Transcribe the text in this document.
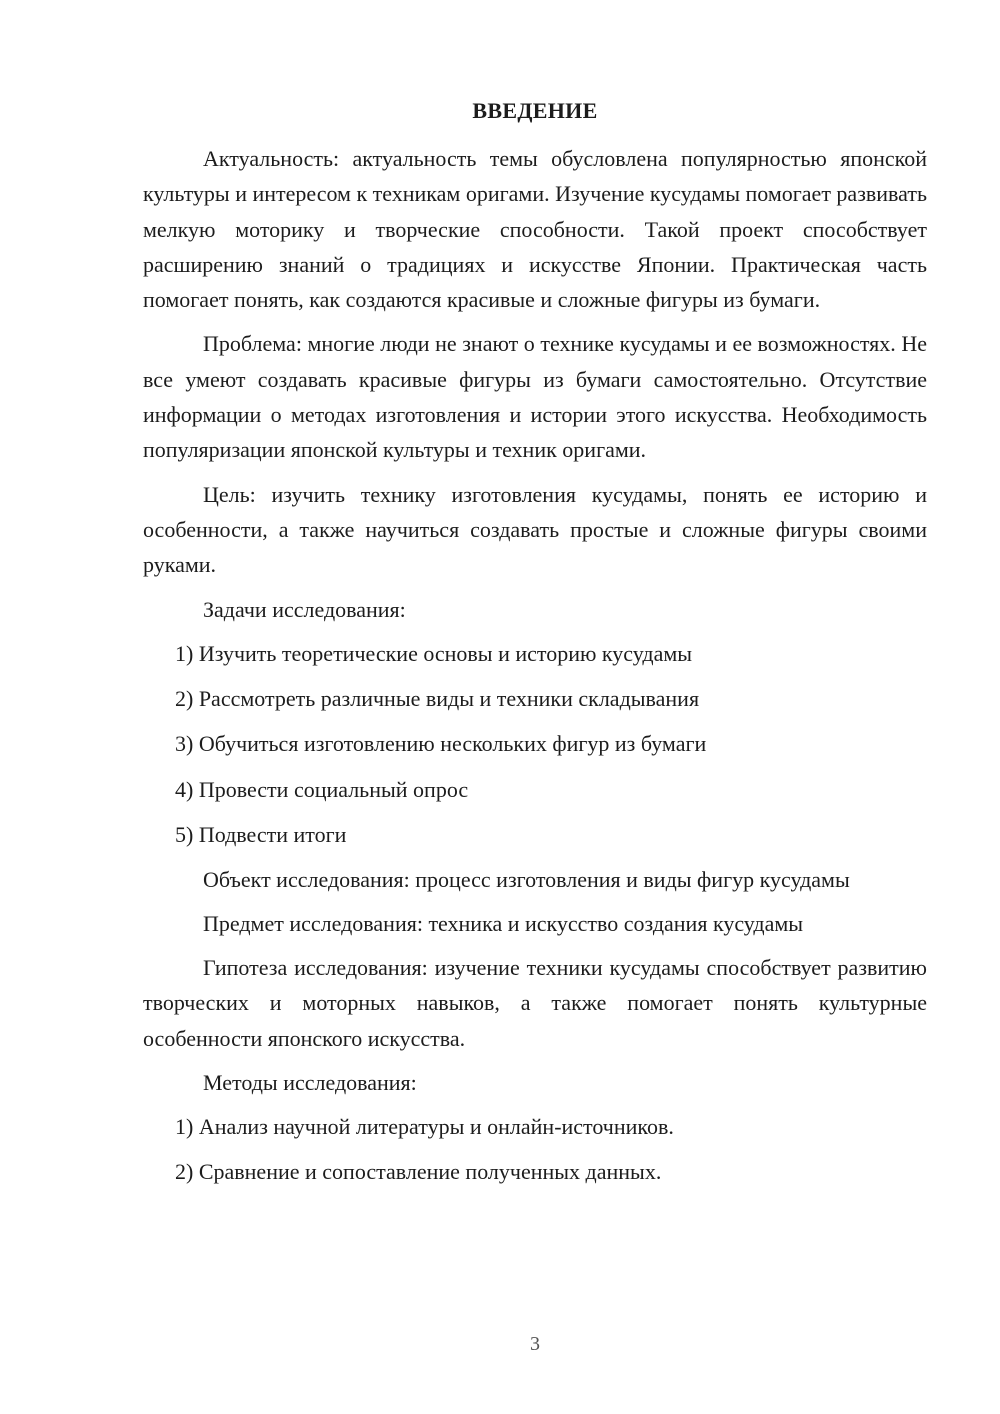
ВВЕДЕНИЕ

Актуальность: актуальность темы обусловлена популярностью японской культуры и интересом к техникам оригами. Изучение кусудамы помогает развивать мелкую моторику и творческие способности. Такой проект способствует расширению знаний о традициях и искусстве Японии. Практическая часть помогает понять, как создаются красивые и сложные фигуры из бумаги.

Проблема: многие люди не знают о технике кусудамы и ее возможностях. Не все умеют создавать красивые фигуры из бумаги самостоятельно. Отсутствие информации о методах изготовления и истории этого искусства. Необходимость популяризации японской культуры и техник оригами.

Цель: изучить технику изготовления кусудамы, понять ее историю и особенности, а также научиться создавать простые и сложные фигуры своими руками.

Задачи исследования:
1) Изучить теоретические основы и историю кусудамы
2) Рассмотреть различные виды и техники складывания
3) Обучиться изготовлению нескольких фигур из бумаги
4) Провести социальный опрос
5) Подвести итоги

Объект исследования: процесс изготовления и виды фигур кусудамы

Предмет исследования: техника и искусство создания кусудамы

Гипотеза исследования: изучение техники кусудамы способствует развитию творческих и моторных навыков, а также помогает понять культурные особенности японского искусства.

Методы исследования:
1) Анализ научной литературы и онлайн-источников.
2) Сравнение и сопоставление полученных данных.
3
